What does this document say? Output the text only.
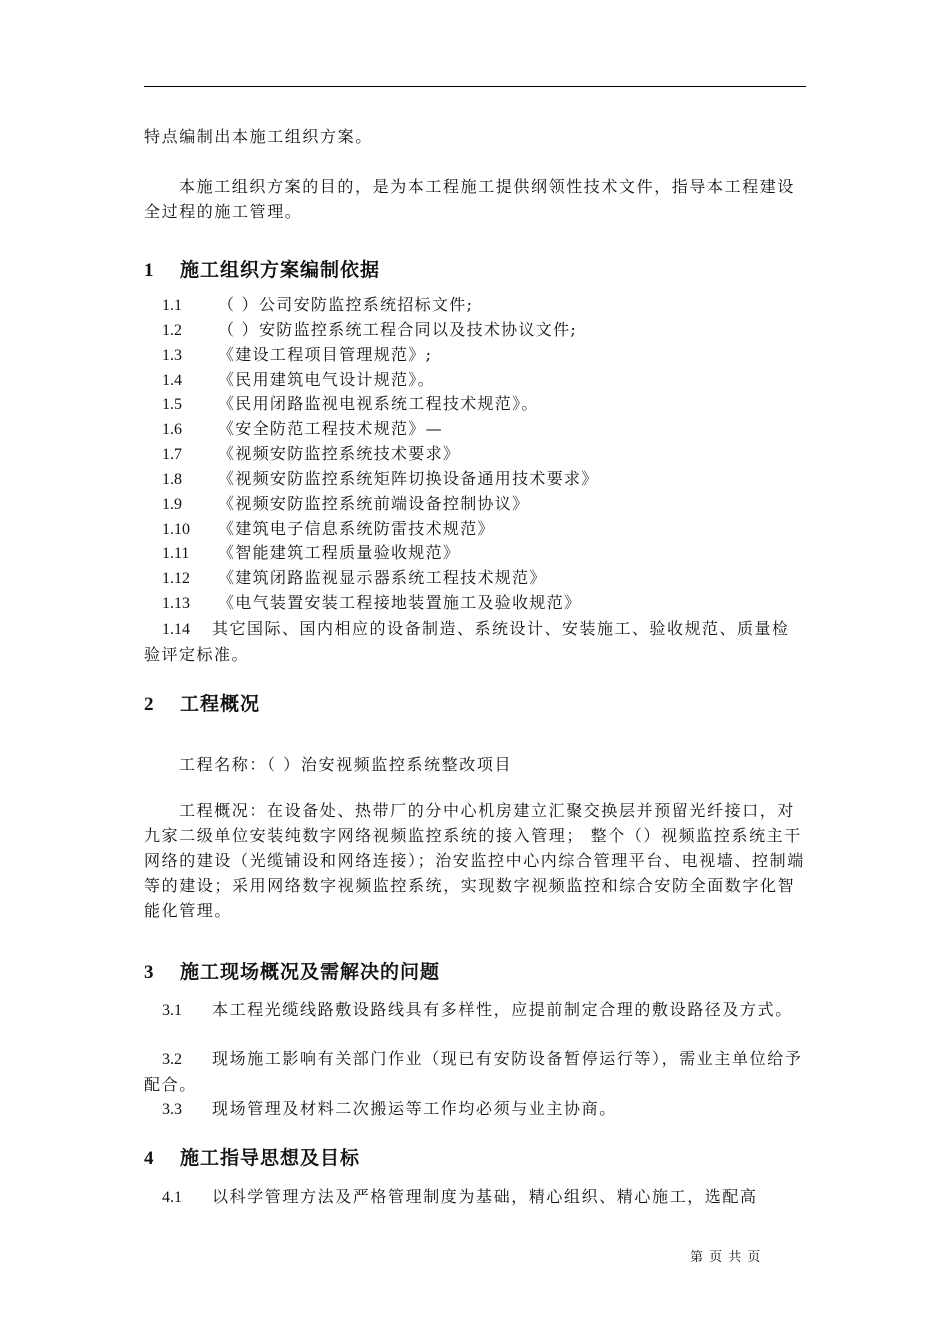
特点编制出本施工组织方案。
本施工组织方案的目的，是为本工程施工提供纲领性技术文件，指导本工程建设全过程的施工管理。
1 施工组织方案编制依据
1.1 （ ）公司安防监控系统招标文件;
1.2 （ ）安防监控系统工程合同以及技术协议文件;
1.3 《建设工程项目管理规范》;
1.4 《民用建筑电气设计规范》。
1.5 《民用闭路监视电视系统工程技术规范》。
1.6 《安全防范工程技术规范》—
1.7 《视频安防监控系统技术要求》
1.8 《视频安防监控系统矩阵切换设备通用技术要求》
1.9 《视频安防监控系统前端设备控制协议》
1.10 《建筑电子信息系统防雷技术规范》
1.11 《智能建筑工程质量验收规范》
1.12 《建筑闭路监视显示器系统工程技术规范》
1.13 《电气装置安装工程接地装置施工及验收规范》
1.14 其它国际、国内相应的设备制造、系统设计、安装施工、验收规范、质量检验评定标准。
2 工程概况
工程名称：（ ）治安视频监控系统整改项目
工程概况：在设备处、热带厂的分中心机房建立汇聚交换层并预留光纤接口，对九家二级单位安装纯数字网络视频监控系统的接入管理； 整个（）视频监控系统主干网络的建设（光缆铺设和网络连接）；治安监控中心内综合管理平台、电视墙、控制端等的建设；采用网络数字视频监控系统，实现数字视频监控和综合安防全面数字化智能化管理。
3 施工现场概况及需解决的问题
3.1 本工程光缆线路敷设路线具有多样性，应提前制定合理的敷设路径及方式。
3.2 现场施工影响有关部门作业（现已有安防设备暂停运行等），需业主单位给予配合。
3.3 现场管理及材料二次搬运等工作均必须与业主协商。
4 施工指导思想及目标
4.1 以科学管理方法及严格管理制度为基础，精心组织、精心施工，选配高
第 页 共 页
